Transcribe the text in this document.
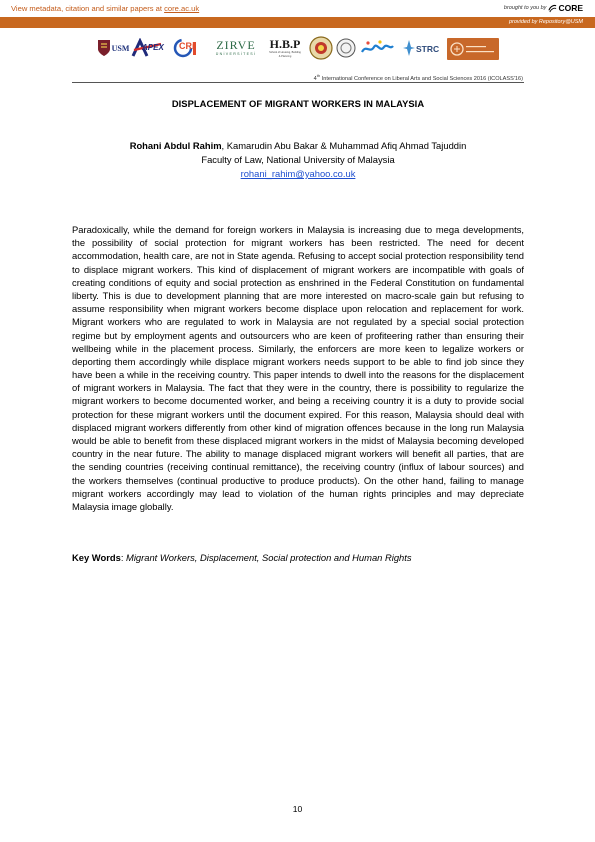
View metadata, citation and similar papers at core.ac.uk	brought to you by CORE
provided by Repository@USM
USM APEX CRi ZIRVE
ÜNİVERSİTESİ
H.B.P
School of Housing, Building & Planning
STRC
4th International Conference on Liberal Arts and Social Sciences 2016 (ICOLASS'16)
DISPLACEMENT OF MIGRANT WORKERS IN MALAYSIA
Rohani Abdul Rahim, Kamarudin Abu Bakar & Muhammad Afiq Ahmad Tajuddin
Faculty of Law, National University of Malaysia
rohani_rahim@yahoo.co.uk
Paradoxically, while the demand for foreign workers in Malaysia is increasing due to mega developments, the possibility of social protection for migrant workers has been restricted. The need for decent accommodation, health care, are not in State agenda. Refusing to accept social protection responsibility tend to displace migrant workers. This kind of displacement of migrant workers are incompatible with goals of creating conditions of equity and social protection as enshrined in the Federal Constitution on fundamental liberty. This is due to development planning that are more interested on macro-scale gain but refusing to assume responsibility when migrant workers become displace upon relocation and replacement for work. Migrant workers who are regulated to work in Malaysia are not regulated by a special social protection regime but by employment agents and outsourcers who are keen of profiteering rather than ensuring their wellbeing while in the placement process. Similarly, the enforcers are more keen to legalize workers or deporting them accordingly while displace migrant workers needs support to be able to find job since they have been a while in the receiving country. This paper intends to dwell into the reasons for the displacement of migrant workers in Malaysia. The fact that they were in the country, there is possibility to regularize the migrant workers to become documented worker, and being a receiving country it is a duty to provide social protection for these migrant workers until the document expired. For this reason, Malaysia should deal with displaced migrant workers differently from other kind of migration offences because in the long run Malaysia would be able to benefit from these displaced migrant workers in the midst of Malaysia becoming developed country in the near future. The ability to manage displaced migrant workers will benefit all parties, that are the sending countries (receiving continual remittance), the receiving country (influx of labour sources) and the workers themselves (continual productive to produce products). On the other hand, failing to manage migrant workers accordingly may lead to violation of the human rights principles and may depreciate Malaysia image globally.
Key Words: Migrant Workers, Displacement, Social protection and Human Rights
10
